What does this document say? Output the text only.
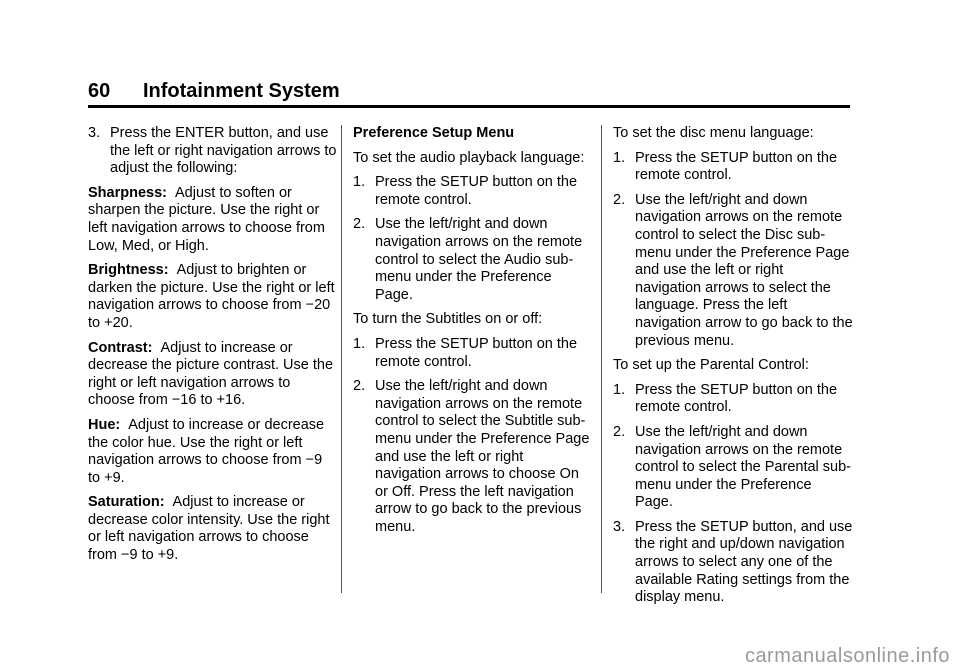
60 Infotainment System
3. Press the ENTER button, and use the left or right navigation arrows to adjust the following:

Sharpness: Adjust to soften or sharpen the picture. Use the right or left navigation arrows to choose from Low, Med, or High.

Brightness: Adjust to brighten or darken the picture. Use the right or left navigation arrows to choose from −20 to +20.

Contrast: Adjust to increase or decrease the picture contrast. Use the right or left navigation arrows to choose from −16 to +16.

Hue: Adjust to increase or decrease the color hue. Use the right or left navigation arrows to choose from −9 to +9.

Saturation: Adjust to increase or decrease color intensity. Use the right or left navigation arrows to choose from −9 to +9.

Preference Setup Menu

To set the audio playback language:

1. Press the SETUP button on the remote control.
2. Use the left/right and down navigation arrows on the remote control to select the Audio sub-menu under the Preference Page.

To turn the Subtitles on or off:

1. Press the SETUP button on the remote control.
2. Use the left/right and down navigation arrows on the remote control to select the Subtitle sub-menu under the Preference Page and use the left or right navigation arrows to choose On or Off. Press the left navigation arrow to go back to the previous menu.

To set the disc menu language:

1. Press the SETUP button on the remote control.
2. Use the left/right and down navigation arrows on the remote control to select the Disc sub-menu under the Preference Page and use the left or right navigation arrows to select the language. Press the left navigation arrow to go back to the previous menu.

To set up the Parental Control:

1. Press the SETUP button on the remote control.
2. Use the left/right and down navigation arrows on the remote control to select the Parental sub-menu under the Preference Page.
3. Press the SETUP button, and use the right and up/down navigation arrows to select any one of the available Rating settings from the display menu.
carmanualsonline.info
